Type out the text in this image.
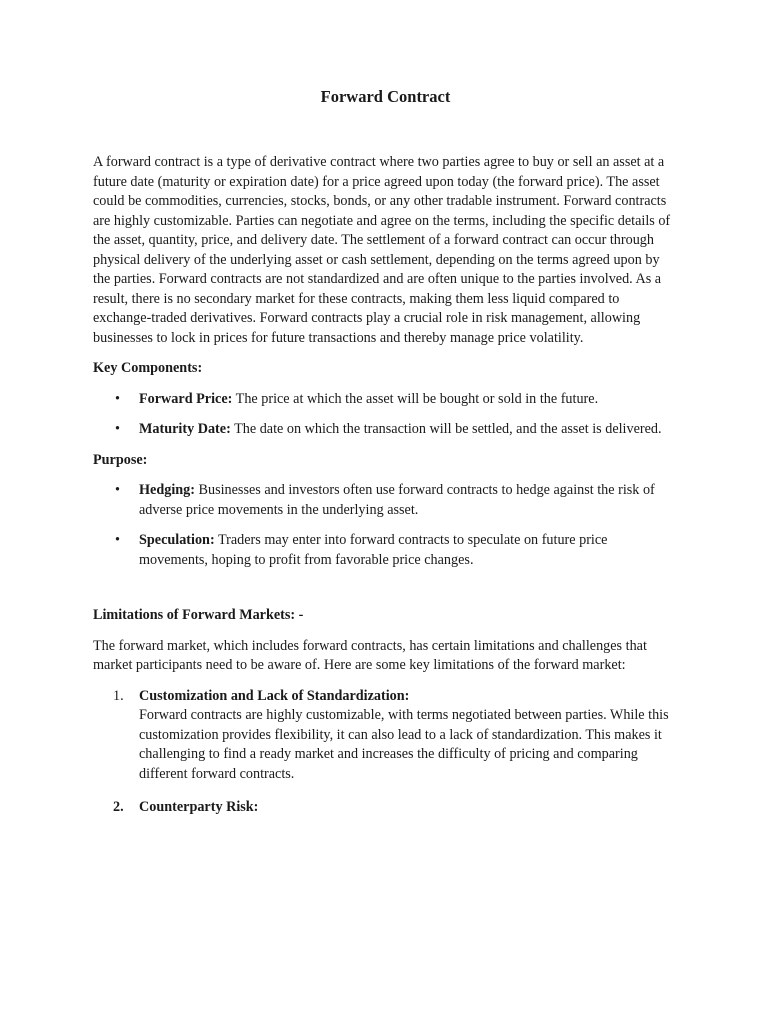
Forward Contract

A forward contract is a type of derivative contract where two parties agree to buy or sell an asset at a future date (maturity or expiration date) for a price agreed upon today (the forward price). The asset could be commodities, currencies, stocks, bonds, or any other tradable instrument. Forward contracts are highly customizable. Parties can negotiate and agree on the terms, including the specific details of the asset, quantity, price, and delivery date. The settlement of a forward contract can occur through physical delivery of the underlying asset or cash settlement, depending on the terms agreed upon by the parties. Forward contracts are not standardized and are often unique to the parties involved. As a result, there is no secondary market for these contracts, making them less liquid compared to exchange-traded derivatives. Forward contracts play a crucial role in risk management, allowing businesses to lock in prices for future transactions and thereby manage price volatility.

Key Components:
• Forward Price: The price at which the asset will be bought or sold in the future.
• Maturity Date: The date on which the transaction will be settled, and the asset is delivered.
Purpose:
• Hedging: Businesses and investors often use forward contracts to hedge against the risk of adverse price movements in the underlying asset.
• Speculation: Traders may enter into forward contracts to speculate on future price movements, hoping to profit from favorable price changes.
Limitations of Forward Markets: -

The forward market, which includes forward contracts, has certain limitations and challenges that market participants need to be aware of. Here are some key limitations of the forward market:

1. Customization and Lack of Standardization:
Forward contracts are highly customizable, with terms negotiated between parties. While this customization provides flexibility, it can also lead to a lack of standardization. This makes it challenging to find a ready market and increases the difficulty of pricing and comparing different forward contracts.
2. Counterparty Risk:
